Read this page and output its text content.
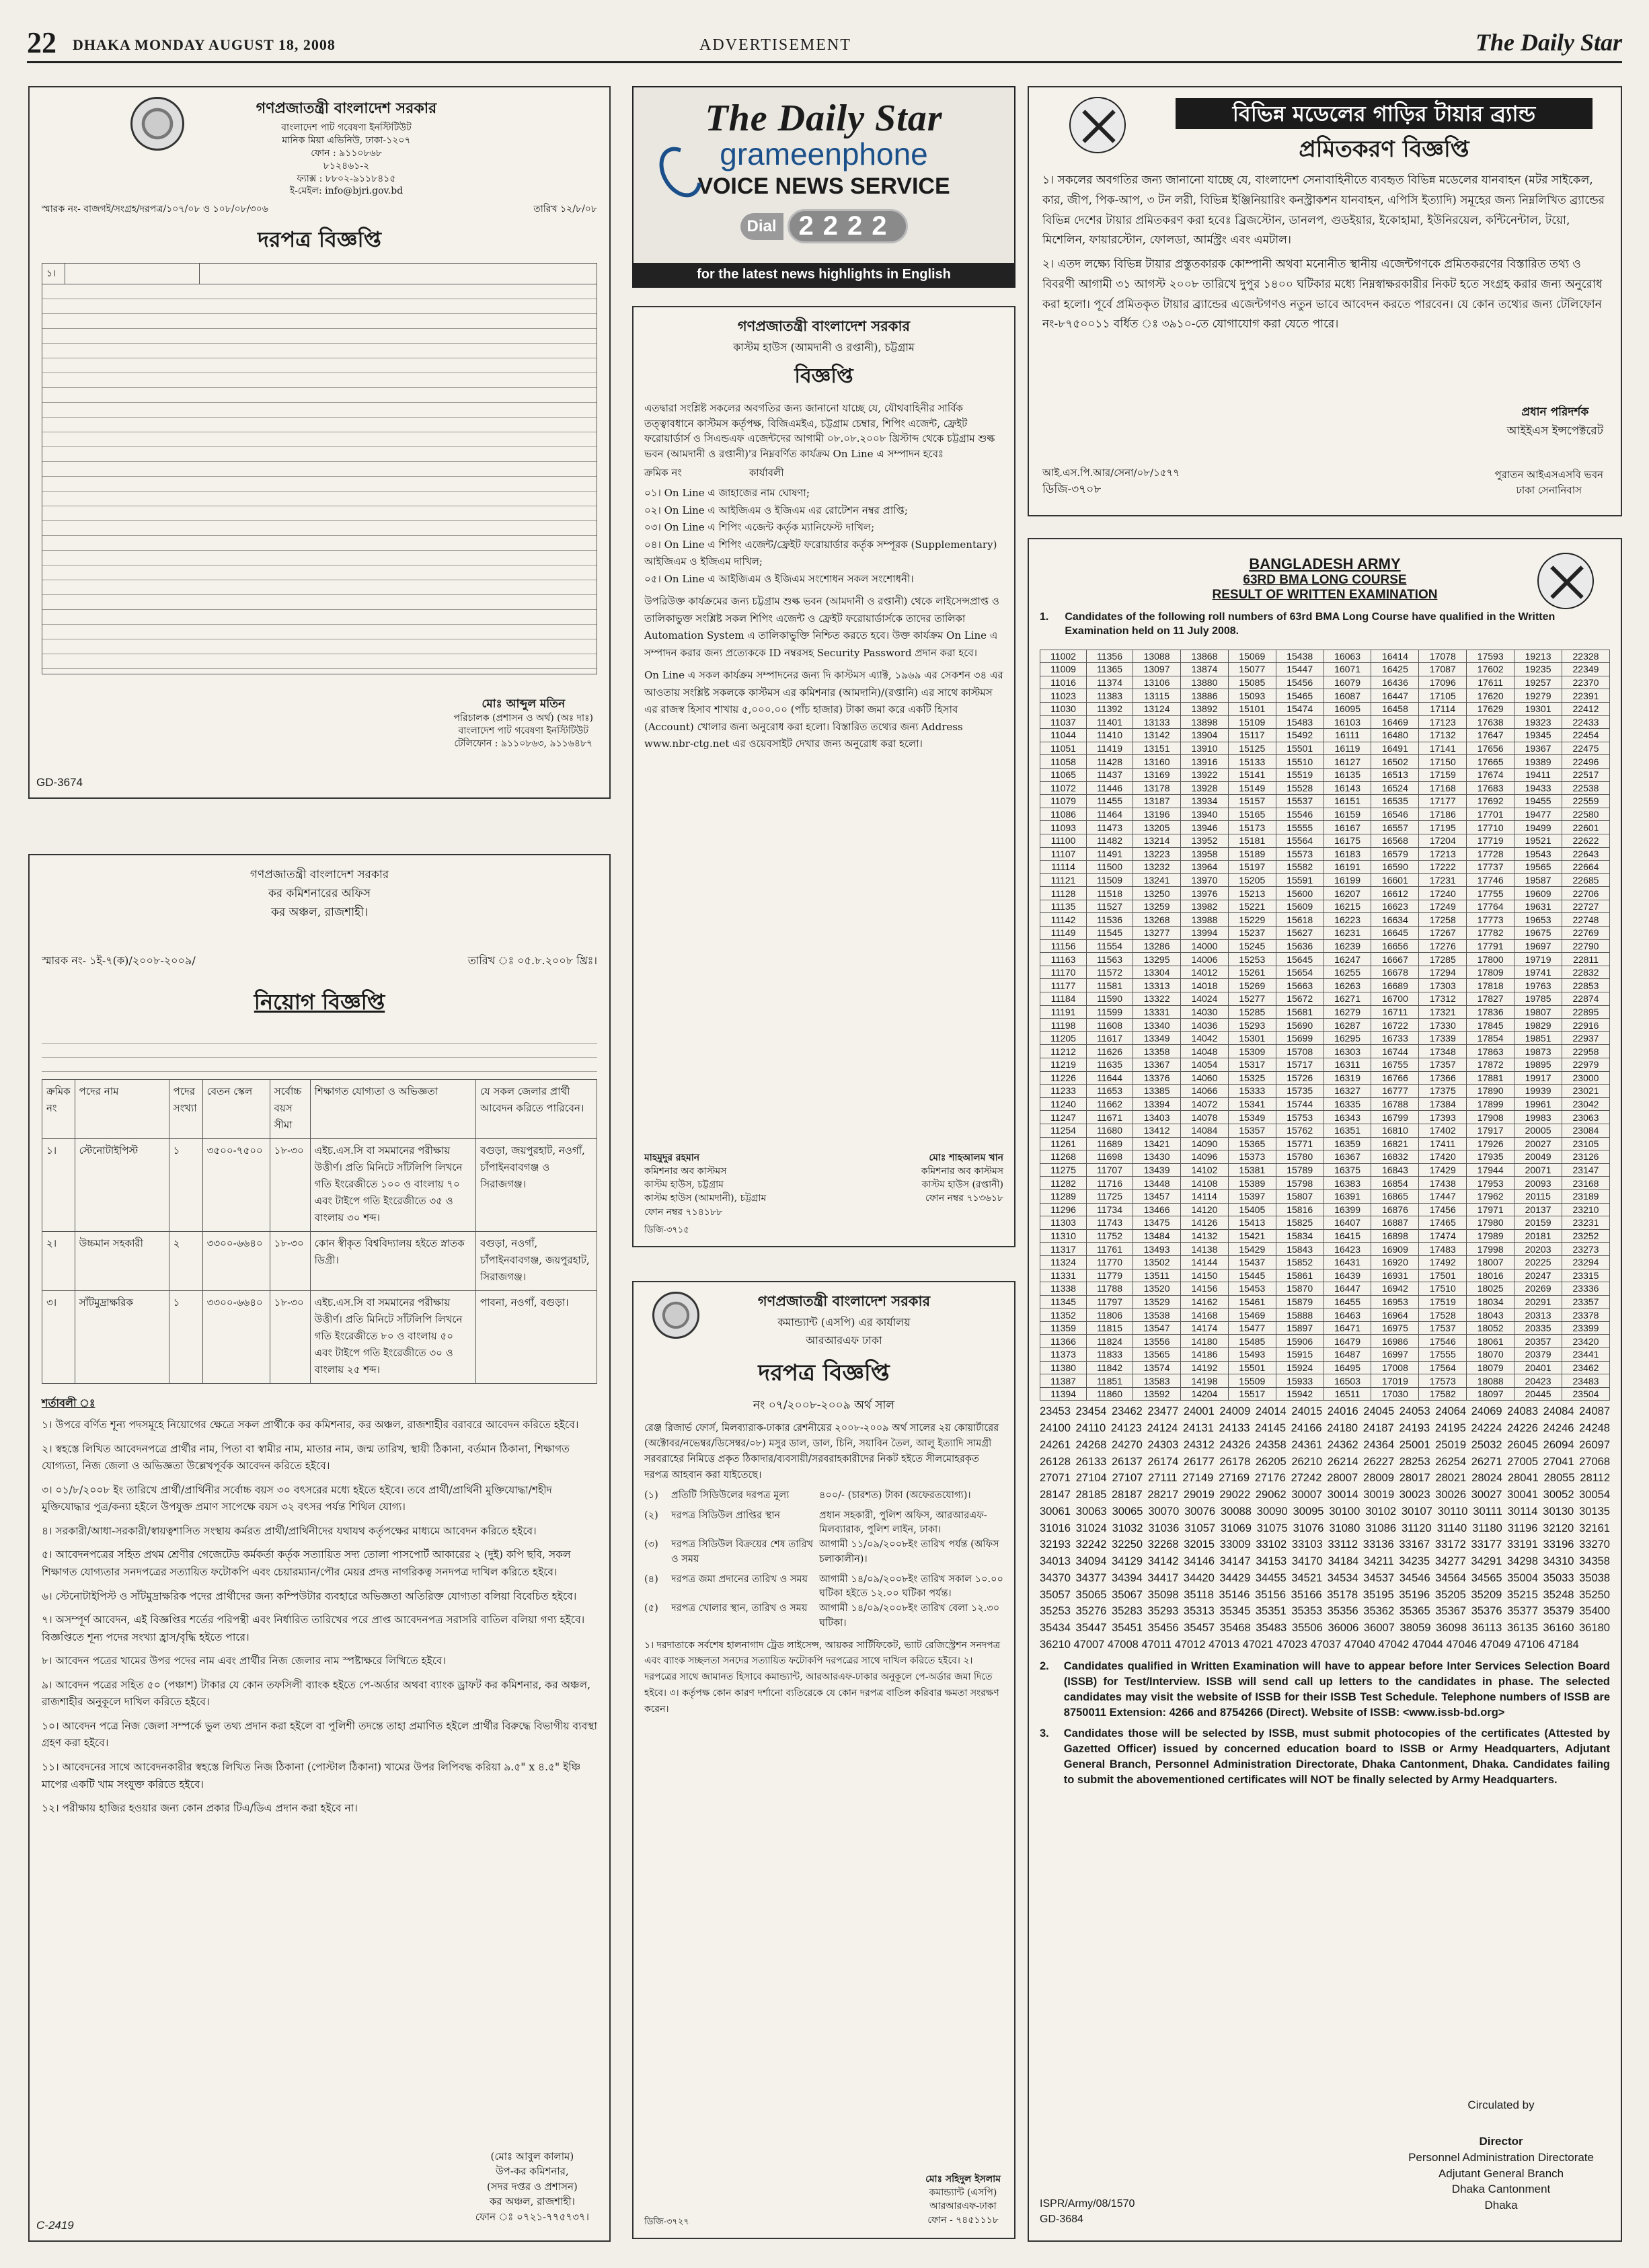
22 DHAKA MONDAY AUGUST 18, 2008	ADVERTISEMENT	The Daily Star
গণপ্রজাতন্ত্রী বাংলাদেশ সরকার
বাংলাদেশ পাট গবেষণা ইনস্টিটিউট
মানিক মিয়া এভিনিউ, ঢাকা-১২০৭
ফোন : ৯১১০৮৬৮
৮১২৪৬১-২
ফ্যাক্স : ৮৮০২-৯১১৮৪১৫
ই-মেইল: info@bjri.gov.bd
স্মারক নং- বাজগই/সংগ্রহ/দরপত্র/১০৭/০৮ ও ১০৮/০৮/৩০৬	তারিখ ১২/৮/০৮
দরপত্র বিজ্ঞপ্তি
১।		
মোঃ আব্দুল মতিন
পরিচালক (প্রশাসন ও অর্থ) (অঃ দাঃ)
বাংলাদেশ পাট গবেষণা ইনস্টিটিউট
টেলিফোন : ৯১১০৮৬৩, ৯১১৬৪৮৭
GD-3674
গণপ্রজাতন্ত্রী বাংলাদেশ সরকার
কর কমিশনারের অফিস
কর অঞ্চল, রাজশাহী।
স্মারক নং- ১ই-৭(ক)/২০০৮-২০০৯/	তারিখ ঃ ০৫.৮.২০০৮ খ্রিঃ।
নিয়োগ বিজ্ঞপ্তি
ক্রমিক নং	পদের নাম	পদের সংখ্যা	বেতন স্কেল	সর্বোচ্চ বয়স সীমা	শিক্ষাগত যোগ্যতা ও অভিজ্ঞতা	যে সকল জেলার প্রার্থী আবেদন করিতে পারিবেন।
১।	স্টেনোটাইপিস্ট	১	৩৫০০-৭৫০০	১৮-৩০	এইচ.এস.সি বা সমমানের পরীক্ষায় উত্তীর্ণ। প্রতি মিনিটে সাঁটলিপি লিখনে গতি ইংরেজীতে ১০০ ও বাংলায় ৭০ এবং টাইপে গতি ইংরেজীতে ৩৫ ও বাংলায় ৩০ শব্দ।	বগুড়া, জয়পুরহাট, নওগাঁ, চাঁপাইনবাবগঞ্জ ও সিরাজগঞ্জ।
২।	উচ্চমান সহকারী	২	৩৩০০-৬৬৪০	১৮-৩০	কোন স্বীকৃত বিশ্ববিদ্যালয় হইতে স্নাতক ডিগ্রী।	বগুড়া, নওগাঁ, চাঁপাইনবাবগঞ্জ, জয়পুরহাট, সিরাজগঞ্জ।
৩।	সাঁটমুদ্রাক্ষরিক	১	৩৩০০-৬৬৪০	১৮-৩০	এইচ.এস.সি বা সমমানের পরীক্ষায় উত্তীর্ণ। প্রতি মিনিটে সাঁটলিপি লিখনে গতি ইংরেজীতে ৮০ ও বাংলায় ৫০ এবং টাইপে গতি ইংরেজীতে ৩০ ও বাংলায় ২৫ শব্দ।	পাবনা, নওগাঁ, বগুড়া।
শর্তাবলী ঃ

১। উপরে বর্ণিত শূন্য পদসমূহে নিয়োগের ক্ষেত্রে সকল প্রার্থীকে কর কমিশনার, কর অঞ্চল, রাজশাহীর বরাবরে আবেদন করিতে হইবে।

২। স্বহস্তে লিখিত আবেদনপত্রে প্রার্থীর নাম, পিতা বা স্বামীর নাম, মাতার নাম, জন্ম তারিখ, স্থায়ী ঠিকানা, বর্তমান ঠিকানা, শিক্ষাগত যোগ্যতা, নিজ জেলা ও অভিজ্ঞতা উল্লেখপূর্বক আবেদন করিতে হইবে।

৩। ০১/৮/২০০৮ ইং তারিখে প্রার্থী/প্রার্থিনীর সর্বোচ্চ বয়স ৩০ বৎসরের মধ্যে হইতে হইবে। তবে প্রার্থী/প্রার্থিনী মুক্তিযোদ্ধা/শহীদ মুক্তিযোদ্ধার পুত্র/কন্যা হইলে উপযুক্ত প্রমাণ সাপেক্ষে বয়স ৩২ বৎসর পর্যন্ত শিথিল যোগ্য।

৪। সরকারী/আধা-সরকারী/স্বায়ত্বশাসিত সংস্থায় কর্মরত প্রার্থী/প্রার্থিনীদের যথাযথ কর্তৃপক্ষের মাধ্যমে আবেদন করিতে হইবে।

৫। আবেদনপত্রের সহিত প্রথম শ্রেণীর গেজেটেড কর্মকর্তা কর্তৃক সত্যায়িত সদ্য তোলা পাসপোর্ট আকারের ২ (দুই) কপি ছবি, সকল শিক্ষাগত যোগ্যতার সনদপত্রের সত্যায়িত ফটোকপি এবং চেয়ারম্যান/পৌর মেয়র প্রদত্ত নাগরিকত্ব সনদপত্র দাখিল করিতে হইবে।

৬। স্টেনোটাইপিস্ট ও সাঁটমুদ্রাক্ষরিক পদের প্রার্থীদের জন্য কম্পিউটার ব্যবহারে অভিজ্ঞতা অতিরিক্ত যোগ্যতা বলিয়া বিবেচিত হইবে।

৭। অসম্পূর্ণ আবেদন, এই বিজ্ঞপ্তির শর্তের পরিপন্থী এবং নির্ধারিত তারিখের পরে প্রাপ্ত আবেদনপত্র সরাসরি বাতিল বলিয়া গণ্য হইবে। বিজ্ঞপ্তিতে শূন্য পদের সংখ্যা হ্রাস/বৃদ্ধি হইতে পারে।

৮। আবেদন পত্রের খামের উপর পদের নাম এবং প্রার্থীর নিজ জেলার নাম স্পষ্টাক্ষরে লিখিতে হইবে।

৯। আবেদন পত্রের সহিত ৫০ (পঞ্চাশ) টাকার যে কোন তফসিলী ব্যাংক হইতে পে-অর্ডার অথবা ব্যাংক ড্রাফট কর কমিশনার, কর অঞ্চল, রাজশাহীর অনুকূলে দাখিল করিতে হইবে।

১০। আবেদন পত্রে নিজ জেলা সম্পর্কে ভুল তথ্য প্রদান করা হইলে বা পুলিশী তদন্তে তাহা প্রমাণিত হইলে প্রার্থীর বিরুদ্ধে বিভাগীয় ব্যবস্থা গ্রহণ করা হইবে।

১১। আবেদনের সাথে আবেদনকারীর স্বহস্তে লিখিত নিজ ঠিকানা (পোস্টাল ঠিকানা) খামের উপর লিপিবদ্ধ করিয়া ৯.৫" x ৪.৫" ইঞ্চি মাপের একটি খাম সংযুক্ত করিতে হইবে।

১২। পরীক্ষায় হাজির হওয়ার জন্য কোন প্রকার টিএ/ডিএ প্রদান করা হইবে না।

(মোঃ আবুল কালাম)
উপ-কর কমিশনার,
(সদর দপ্তর ও প্রশাসন)
কর অঞ্চল, রাজশাহী।
ফোন ঃ ০৭২১-৭৭৫৭৩৭।
C-2419
The Daily Star
grameenphone
VOICE NEWS SERVICE
Dial 2222
for the latest news highlights in English
গণপ্রজাতন্ত্রী বাংলাদেশ সরকার
কাস্টম হাউস (আমদানী ও রপ্তানী), চট্টগ্রাম
বিজ্ঞপ্তি

এতদ্বারা সংশ্লিষ্ট সকলের অবগতির জন্য জানানো যাচ্ছে যে, যৌথবাহিনীর সার্বিক তত্ত্বাবধানে কাস্টমস কর্তৃপক্ষ, বিজিএমইএ, চট্টগ্রাম চেম্বার, শিপিং এজেন্ট, ফ্রেইট ফরোয়ার্ডার্স ও সিএন্ডএফ এজেন্টদের আগামী ০৮.০৮.২০০৮ খ্রিস্টাব্দ থেকে চট্টগ্রাম শুল্ক ভবন (আমদানী ও রপ্তানী)'র নিম্নবর্ণিত কার্যক্রম On Line এ সম্পাদন হবেঃ

ক্রমিক নং	কার্যাবলী
০১। On Line এ জাহাজের নাম ঘোষণা;
০২। On Line এ আইজিএম ও ইজিএম এর রোটেশন নম্বর প্রাপ্তি;
০৩। On Line এ শিপিং এজেন্ট কর্তৃক ম্যানিফেস্ট দাখিল;
০৪। On Line এ শিপিং এজেন্ট/ফ্রেইট ফরোয়ার্ডার কর্তৃক সম্পূরক (Supplementary) আইজিএম ও ইজিএম দাখিল;
০৫। On Line এ আইজিএম ও ইজিএম সংশোধন সকল সংশোধনী।

উপরিউক্ত কার্যক্রমের জন্য চট্টগ্রাম শুল্ক ভবন (আমদানী ও রপ্তানী) থেকে লাইসেন্সপ্রাপ্ত ও তালিকাভুক্ত সংশ্লিষ্ট সকল শিপিং এজেন্ট ও ফ্রেইট ফরোয়ার্ডার্সকে তাদের তালিকা Automation System এ তালিকাভুক্তি নিশ্চিত করতে হবে। উক্ত কার্যক্রম On Line এ সম্পাদন করার জন্য প্রত্যেককে ID নম্বরসহ Security Password প্রদান করা হবে।

On Line এ সকল কার্যক্রম সম্পাদনের জন্য দি কাস্টমস এ্যাক্ট, ১৯৬৯ এর সেকশন ৩৪ এর আওতায় সংশ্লিষ্ট সকলকে কাস্টমস এর কমিশনার (আমদানি)/(রপ্তানি) এর সাথে কাস্টমস এর রাজস্ব হিসাব শাখায় ৫,০০০.০০ (পাঁচ হাজার) টাকা জমা করে একটি হিসাব (Account) খোলার জন্য অনুরোধ করা হলো। বিস্তারিত তথ্যের জন্য Address www.nbr-ctg.net এর ওয়েবসাইট দেখার জন্য অনুরোধ করা হলো।

মাহমুদুর রহমান
কমিশনার অব কাস্টমস
কাস্টম হাউস, চট্টগ্রাম
কাস্টম হাউস (আমদানী), চট্টগ্রাম
ফোন নম্বর ৭১৪১৮৮
মোঃ শাহআলম খান
কমিশনার অব কাস্টমস
কাস্টম হাউস (রপ্তানী)
ফোন নম্বর ৭১৩৬১৮
ডিজি-৩৭১৫
গণপ্রজাতন্ত্রী বাংলাদেশ সরকার
কমান্ড্যান্ট (এসপি) এর কার্যালয়
আরআরএফ ঢাকা
দরপত্র বিজ্ঞপ্তি
নং ০৭/২০০৮-২০০৯ অর্থ সাল

রেঞ্জ রিজার্ভ ফোর্স, মিলব্যারাক-ঢাকার রেশনীয়ের ২০০৮-২০০৯ অর্থ সালের ২য় কোয়ার্টারের (অক্টোবর/নভেম্বর/ডিসেম্বর/০৮) মসুর ডাল, ডাল, চিনি, সয়াবিন তৈল, আলু ইত্যাদি সামগ্রী সরবরাহের নিমিত্তে প্রকৃত ঠিকাদার/ব্যবসায়ী/সরবরাহকারীদের নিকট হইতে সীলমোহরকৃত দরপত্র আহবান করা যাইতেছে।

(১)	প্রতিটি সিডিউলের দরপত্র মূল্য	৪০০/- (চারশত) টাকা (অফেরতযোগ্য)।
(২)	দরপত্র সিডিউল প্রাপ্তির স্থান	প্রধান সহকারী, পুলিশ অফিস, আরআরএফ-মিলব্যারাক, পুলিশ লাইন, ঢাকা।
(৩)	দরপত্র সিডিউল বিক্রয়ের শেষ তারিখ ও সময়	আগামী ১১/০৯/২০০৮ইং তারিখ পর্যন্ত (অফিস চলাকালীন)।
(৪)	দরপত্র জমা প্রদানের তারিখ ও সময়	আগামী ১৪/০৯/২০০৮ইং তারিখ সকাল ১০.০০ ঘটিকা হইতে ১২.০০ ঘটিকা পর্যন্ত।
(৫)	দরপত্র খোলার স্থান, তারিখ ও সময়	আগামী ১৪/০৯/২০০৮ইং তারিখ বেলা ১২.৩০ ঘটিকা।

১। দরদাতাকে সর্বশেষ হালনাগাদ ট্রেড লাইসেন্স, আয়কর সার্টিফিকেট, ভ্যাট রেজিস্ট্রেশন সনদপত্র এবং ব্যাংক সচ্ছলতা সনদের সত্যায়িত ফটোকপি দরপত্রের সাথে দাখিল করিতে হইবে। ২। দরপত্রের সাথে জামানত হিসাবে কমান্ড্যান্ট, আরআরএফ-ঢাকার অনুকূলে পে-অর্ডার জমা দিতে হইবে। ৩। কর্তৃপক্ষ কোন কারণ দর্শানো ব্যতিরেকে যে কোন দরপত্র বাতিল করিবার ক্ষমতা সংরক্ষণ করেন।

মোঃ সহিদুল ইসলাম
কমান্ড্যান্ট (এসপি)
আরআরএফ-ঢাকা
ফোন - ৭৪৫১১১৮
ডিজি-৩৭২৭
বিভিন্ন মডেলের গাড়ির টায়ার ব্র্যান্ড
প্রমিতকরণ বিজ্ঞপ্তি

১। সকলের অবগতির জন্য জানানো যাচ্ছে যে, বাংলাদেশ সেনাবাহিনীতে ব্যবহৃত বিভিন্ন মডেলের যানবাহন (মটর সাইকেল, কার, জীপ, পিক-আপ, ৩ টন লরী, বিভিন্ন ইঞ্জিনিয়ারিং কনস্ট্রাকশন যানবাহন, এপিসি ইত্যাদি) সমূহের জন্য নিম্নলিখিত ব্র্যান্ডের বিভিন্ন দেশের টায়ার প্রমিতকরণ করা হবেঃ ব্রিজস্টোন, ডানলপ, গুডইয়ার, ইকোহামা, ইউনিরয়েল, কন্টিনেন্টাল, টয়ো, মিশেলিন, ফায়ারস্টোন, ফোলডা, আর্মস্ট্রং এবং এমটাল।

২। এতদ লক্ষ্যে বিভিন্ন টায়ার প্রস্তুতকারক কোম্পানী অথবা মনোনীত স্থানীয় এজেন্টগণকে প্রমিতকরণের বিস্তারিত তথ্য ও বিবরণী আগামী ৩১ আগস্ট ২০০৮ তারিখে দুপুর ১৪০০ ঘটিকার মধ্যে নিম্নস্বাক্ষরকারীর নিকট হতে সংগ্রহ করার জন্য অনুরোধ করা হলো। পূর্বে প্রমিতকৃত টায়ার ব্র্যান্ডের এজেন্টগণও নতুন ভাবে আবেদন করতে পারবেন। যে কোন তথ্যের জন্য টেলিফোন নং-৮৭৫০০১১ বর্ধিত ঃ ৩৯১০-তে যোগাযোগ করা যেতে পারে।

প্রধান পরিদর্শক
আইইএস ইন্সপেক্টরেট
আই.এস.পি.আর/সেনা/০৮/১৫৭৭
ডিজি-৩৭০৮
পুরাতন আইএসএসবি ভবন
ঢাকা সেনানিবাস
BANGLADESH ARMY
63RD BMA LONG COURSE
RESULT OF WRITTEN EXAMINATION
1. Candidates of the following roll numbers of 63rd BMA Long Course have qualified in the Written Examination held on 11 July 2008.
11002	11356	13088	13868	15069	15438	16063	16414	17078	17593	19213	22328
11009	11365	13097	13874	15077	15447	16071	16425	17087	17602	19235	22349
11016	11374	13106	13880	15085	15456	16079	16436	17096	17611	19257	22370
11023	11383	13115	13886	15093	15465	16087	16447	17105	17620	19279	22391
11030	11392	13124	13892	15101	15474	16095	16458	17114	17629	19301	22412
11037	11401	13133	13898	15109	15483	16103	16469	17123	17638	19323	22433
11044	11410	13142	13904	15117	15492	16111	16480	17132	17647	19345	22454
11051	11419	13151	13910	15125	15501	16119	16491	17141	17656	19367	22475
11058	11428	13160	13916	15133	15510	16127	16502	17150	17665	19389	22496
11065	11437	13169	13922	15141	15519	16135	16513	17159	17674	19411	22517
11072	11446	13178	13928	15149	15528	16143	16524	17168	17683	19433	22538
11079	11455	13187	13934	15157	15537	16151	16535	17177	17692	19455	22559
11086	11464	13196	13940	15165	15546	16159	16546	17186	17701	19477	22580
11093	11473	13205	13946	15173	15555	16167	16557	17195	17710	19499	22601
11100	11482	13214	13952	15181	15564	16175	16568	17204	17719	19521	22622
11107	11491	13223	13958	15189	15573	16183	16579	17213	17728	19543	22643
11114	11500	13232	13964	15197	15582	16191	16590	17222	17737	19565	22664
11121	11509	13241	13970	15205	15591	16199	16601	17231	17746	19587	22685
11128	11518	13250	13976	15213	15600	16207	16612	17240	17755	19609	22706
11135	11527	13259	13982	15221	15609	16215	16623	17249	17764	19631	22727
11142	11536	13268	13988	15229	15618	16223	16634	17258	17773	19653	22748
11149	11545	13277	13994	15237	15627	16231	16645	17267	17782	19675	22769
11156	11554	13286	14000	15245	15636	16239	16656	17276	17791	19697	22790
11163	11563	13295	14006	15253	15645	16247	16667	17285	17800	19719	22811
11170	11572	13304	14012	15261	15654	16255	16678	17294	17809	19741	22832
11177	11581	13313	14018	15269	15663	16263	16689	17303	17818	19763	22853
11184	11590	13322	14024	15277	15672	16271	16700	17312	17827	19785	22874
11191	11599	13331	14030	15285	15681	16279	16711	17321	17836	19807	22895
11198	11608	13340	14036	15293	15690	16287	16722	17330	17845	19829	22916
11205	11617	13349	14042	15301	15699	16295	16733	17339	17854	19851	22937
11212	11626	13358	14048	15309	15708	16303	16744	17348	17863	19873	22958
11219	11635	13367	14054	15317	15717	16311	16755	17357	17872	19895	22979
11226	11644	13376	14060	15325	15726	16319	16766	17366	17881	19917	23000
11233	11653	13385	14066	15333	15735	16327	16777	17375	17890	19939	23021
11240	11662	13394	14072	15341	15744	16335	16788	17384	17899	19961	23042
11247	11671	13403	14078	15349	15753	16343	16799	17393	17908	19983	23063
11254	11680	13412	14084	15357	15762	16351	16810	17402	17917	20005	23084
11261	11689	13421	14090	15365	15771	16359	16821	17411	17926	20027	23105
11268	11698	13430	14096	15373	15780	16367	16832	17420	17935	20049	23126
11275	11707	13439	14102	15381	15789	16375	16843	17429	17944	20071	23147
11282	11716	13448	14108	15389	15798	16383	16854	17438	17953	20093	23168
11289	11725	13457	14114	15397	15807	16391	16865	17447	17962	20115	23189
11296	11734	13466	14120	15405	15816	16399	16876	17456	17971	20137	23210
11303	11743	13475	14126	15413	15825	16407	16887	17465	17980	20159	23231
11310	11752	13484	14132	15421	15834	16415	16898	17474	17989	20181	23252
11317	11761	13493	14138	15429	15843	16423	16909	17483	17998	20203	23273
11324	11770	13502	14144	15437	15852	16431	16920	17492	18007	20225	23294
11331	11779	13511	14150	15445	15861	16439	16931	17501	18016	20247	23315
11338	11788	13520	14156	15453	15870	16447	16942	17510	18025	20269	23336
11345	11797	13529	14162	15461	15879	16455	16953	17519	18034	20291	23357
11352	11806	13538	14168	15469	15888	16463	16964	17528	18043	20313	23378
11359	11815	13547	14174	15477	15897	16471	16975	17537	18052	20335	23399
11366	11824	13556	14180	15485	15906	16479	16986	17546	18061	20357	23420
11373	11833	13565	14186	15493	15915	16487	16997	17555	18070	20379	23441
11380	11842	13574	14192	15501	15924	16495	17008	17564	18079	20401	23462
11387	11851	13583	14198	15509	15933	16503	17019	17573	18088	20423	23483
11394	11860	13592	14204	15517	15942	16511	17030	17582	18097	20445	23504

23453 23454 23462 23477 24001 24009 24014 24015 24016 24045 24053 24064 24069 24083 24084 24087 24100 24110 24123 24124 24131 24133 24145 24166 24180 24187 24193 24195 24224 24226 24246 24248 24261 24268 24270 24303 24312 24326 24358 24361 24362 24364 25001 25019 25032 26045 26094 26097 26128 26133 26137 26174 26177 26178 26205 26210 26214 26227 28253 26254 26271 27005 27041 27068 27071 27104 27107 27111 27149 27169 27176 27242 28007 28009 28017 28021 28024 28041 28055 28112 28147 28185 28187 28217 29019 29022 29062 30007 30014 30019 30023 30026 30027 30041 30052 30054 30061 30063 30065 30070 30076 30088 30090 30095 30100 30102 30107 30110 30111 30114 30130 30135 31016 31024 31032 31036 31057 31069 31075 31076 31080 31086 31120 31140 31180 31196 32120 32161 32193 32242 32250 32268 32015 33009 33102 33103 33112 33136 33167 33172 33177 33191 33196 33270 34013 34094 34129 34142 34146 34147 34153 34170 34184 34211 34235 34277 34291 34298 34310 34358 34370 34377 34394 34417 34420 34429 34455 34521 34534 34537 34546 34564 34565 35004 35033 35038 35057 35065 35067 35098 35118 35146 35156 35166 35178 35195 35196 35205 35209 35215 35248 35250 35253 35276 35283 35293 35313 35345 35351 35353 35356 35362 35365 35367 35376 35377 35379 35400 35434 35447 35451 35456 35457 35468 35483 35506 36006 36007 38059 36098 36113 36135 36160 36180 36210 47007 47008 47011 47012 47013 47021 47023 47037 47040 47042 47044 47046 47049 47106 47184

2. Candidates qualified in Written Examination will have to appear before Inter Services Selection Board (ISSB) for Test/Interview. ISSB will send call up letters to the candidates in phase. The selected candidates may visit the website of ISSB for their ISSB Test Schedule. Telephone numbers of ISSB are 8750011 Extension: 4266 and 8754266 (Direct). Website of ISSB: <www.issb-bd.org>
3. Candidates those will be selected by ISSB, must submit photocopies of the certificates (Attested by Gazetted Officer) issued by concerned education board to ISSB or Army Headquarters, Adjutant General Branch, Personnel Administration Directorate, Dhaka Cantonment, Dhaka. Candidates failing to submit the abovementioned certificates will NOT be finally selected by Army Headquarters.
Circulated by
Director
Personnel Administration Directorate
Adjutant General Branch
Dhaka Cantonment
Dhaka
ISPR/Army/08/1570
GD-3684
